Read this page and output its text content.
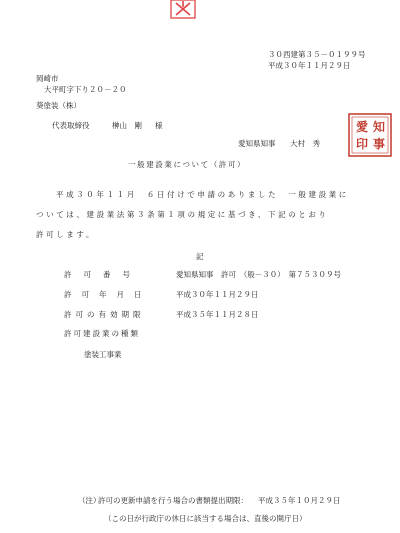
３０西建第３５－０１９９号
平成３０年１１月２９日
岡崎市
大平町字下り２０－２０
葵塗装（株）
代表取締役	榊山　剛 様
愛知県知事 大村　秀
知
愛
事
印
一般建設業について（許可）
平成３０年１１月　６日付けで申請のありました　一般建設業に
ついては、建設業法第３条第１項の規定に基づき、下記のとおり
許可します。
記
許可番号	愛知県知事　許可　（般－３０）　第７５３０９号
許可年月日	平成３０年１１月２９日
許可の有効期限	平成３５年１１月２８日
許可建設業の種類
塗装工事業
（注）
許可の更新申請を行う場合の書類提出期限： 平成３５年１０月２９日
（この日が行政庁の休日に該当する場合は、直後の開庁日）
